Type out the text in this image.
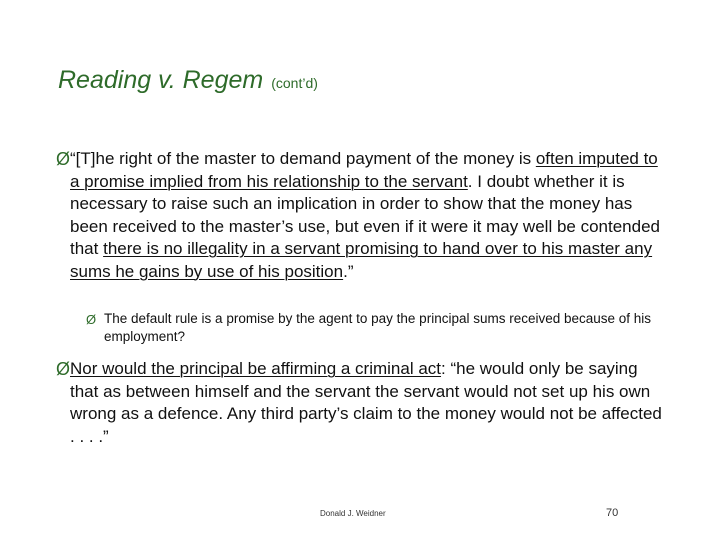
Reading v. Regem (cont’d)
Ø “[T]he right of the master to demand payment of the money is often imputed to a promise implied from his relationship to the servant. I doubt whether it is necessary to raise such an implication in order to show that the money has been received to the master’s use, but even if it were it may well be contended that there is no illegality in a servant promising to hand over to his master any sums he gains by use of his position.”
Ø The default rule is a promise by the agent to pay the principal sums received because of his employment?
Ø Nor would the principal be affirming a criminal act: “he would only be saying that as between himself and the servant the servant would not set up his own wrong as a defence. Any third party’s claim to the money would not be affected . . . .”
Donald J. Weidner	70
